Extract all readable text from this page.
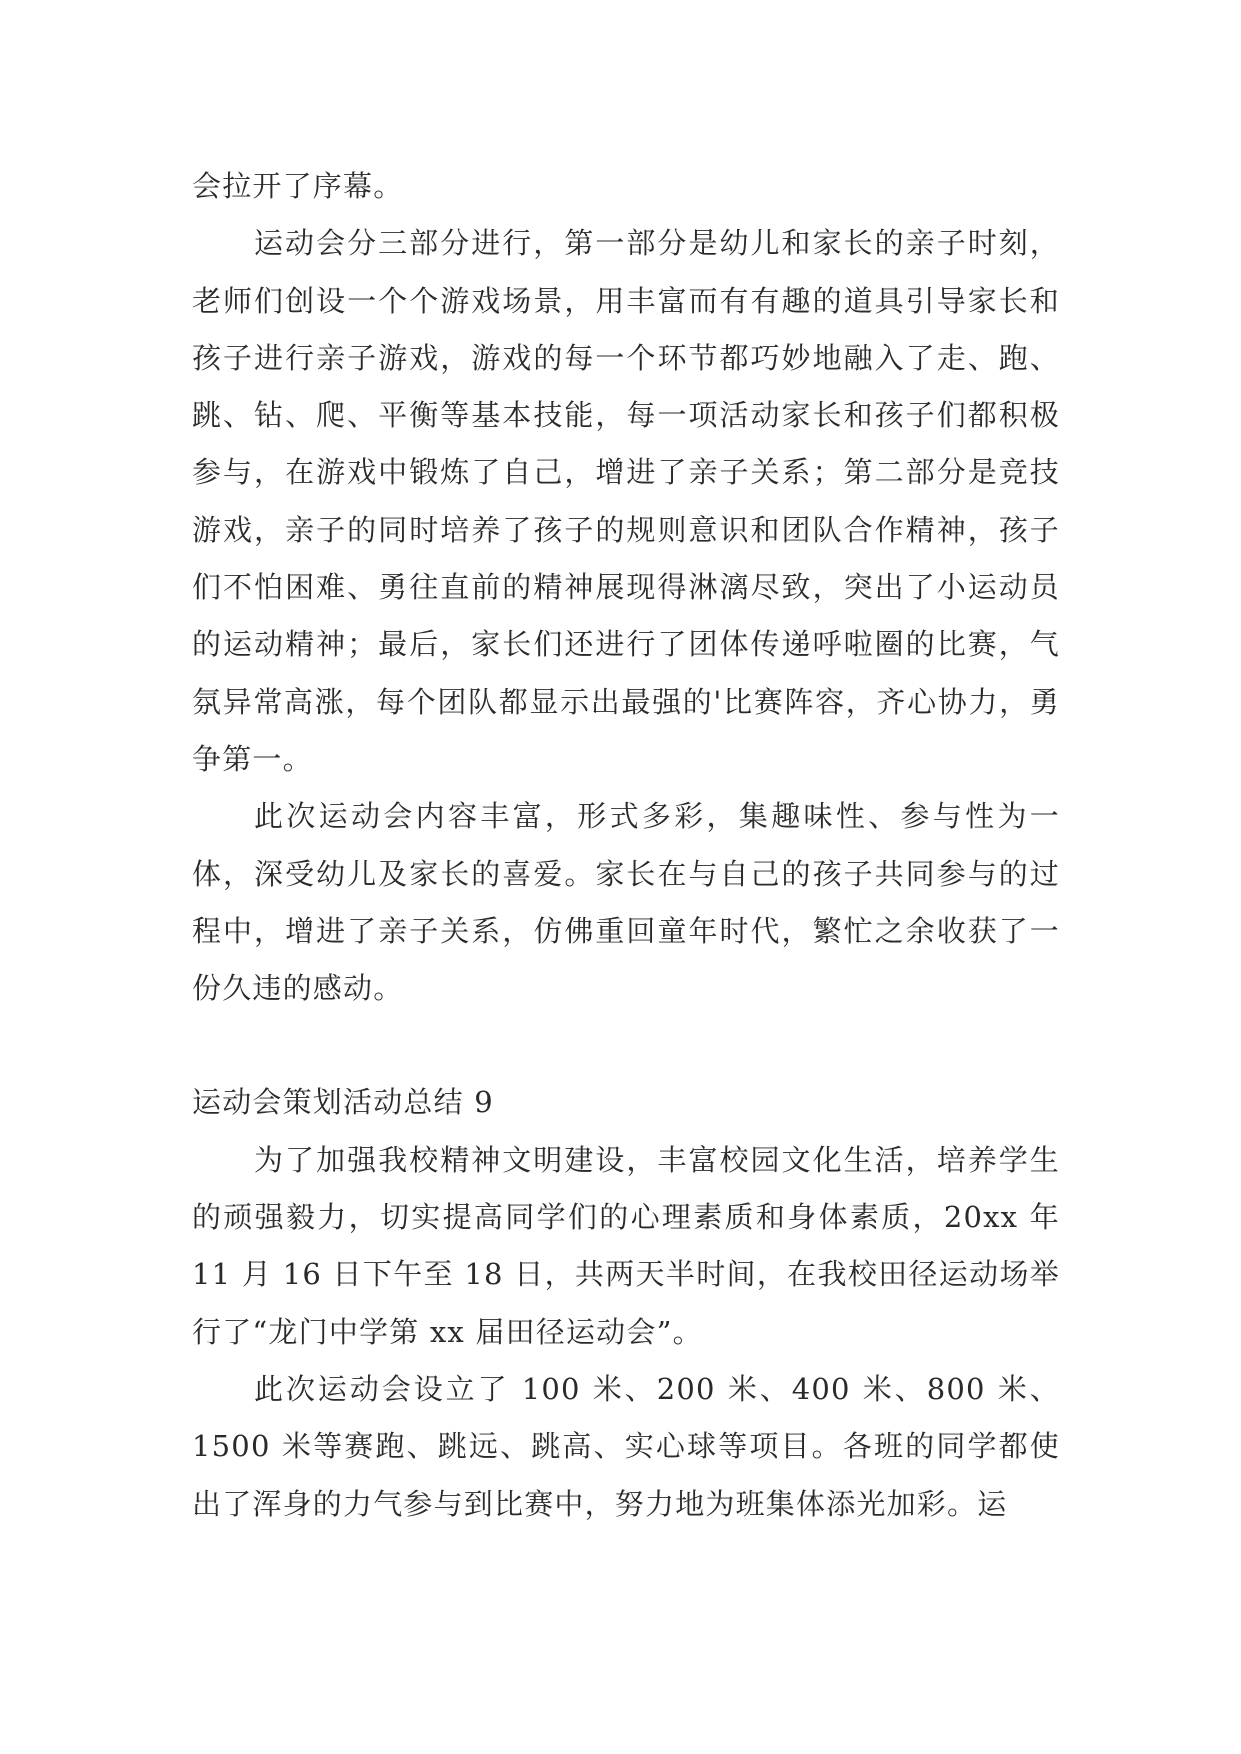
会拉开了序幕。

运动会分三部分进行，第一部分是幼儿和家长的亲子时刻，老师们创设一个个游戏场景，用丰富而有有趣的道具引导家长和孩子进行亲子游戏，游戏的每一个环节都巧妙地融入了走、跑、跳、钻、爬、平衡等基本技能，每一项活动家长和孩子们都积极参与，在游戏中锻炼了自己，增进了亲子关系；第二部分是竞技游戏，亲子的同时培养了孩子的规则意识和团队合作精神，孩子们不怕困难、勇往直前的精神展现得淋漓尽致，突出了小运动员的运动精神；最后，家长们还进行了团体传递呼啦圈的比赛，气氛异常高涨，每个团队都显示出最强的'比赛阵容，齐心协力，勇争第一。

此次运动会内容丰富，形式多彩，集趣味性、参与性为一体，深受幼儿及家长的喜爱。家长在与自己的孩子共同参与的过程中，增进了亲子关系，仿佛重回童年时代，繁忙之余收获了一份久违的感动。

运动会策划活动总结 9

为了加强我校精神文明建设，丰富校园文化生活，培养学生的顽强毅力，切实提高同学们的心理素质和身体素质，20xx 年 11 月 16 日下午至 18 日，共两天半时间，在我校田径运动场举行了“龙门中学第 xx 届田径运动会”。

此次运动会设立了 100 米、200 米、400 米、800 米、1500 米等赛跑、跳远、跳高、实心球等项目。各班的同学都使出了浑身的力气参与到比赛中，努力地为班集体添光加彩。运
